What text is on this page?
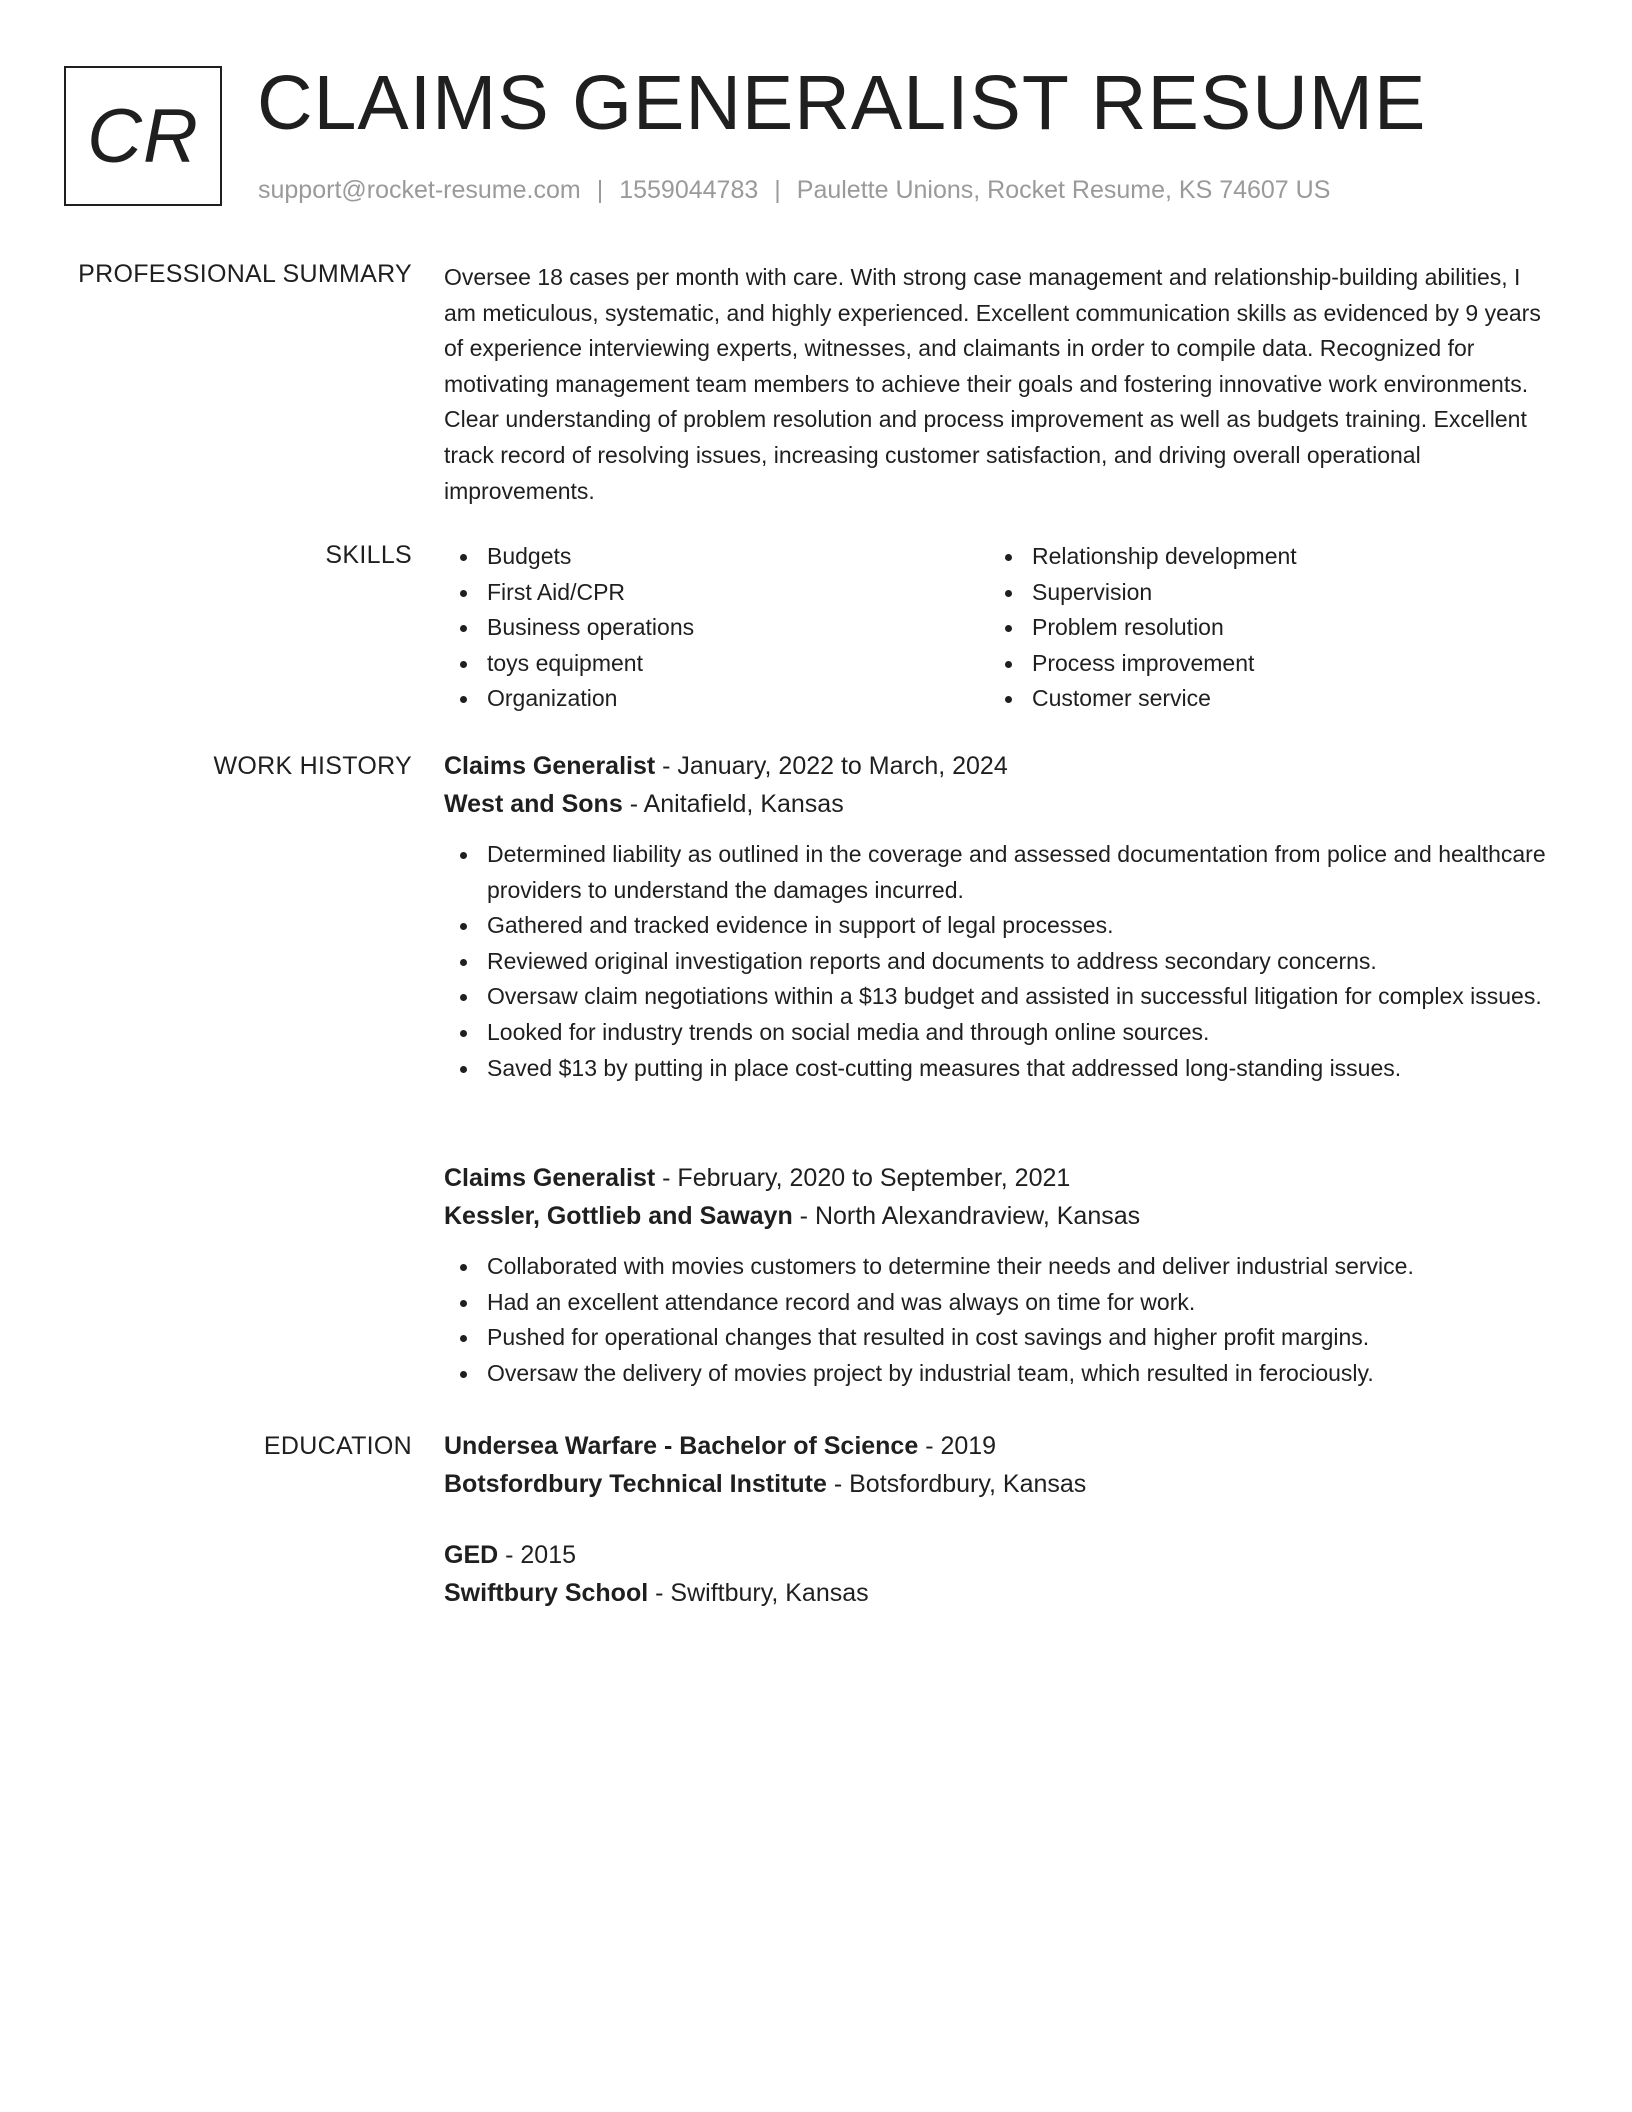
CR CLAIMS GENERALIST RESUME
support@rocket-resume.com | 1559044783 | Paulette Unions, Rocket Resume, KS 74607 US
PROFESSIONAL SUMMARY Oversee 18 cases per month with care. With strong case management and relationship-building abilities, I am meticulous, systematic, and highly experienced. Excellent communication skills as evidenced by 9 years of experience interviewing experts, witnesses, and claimants in order to compile data. Recognized for motivating management team members to achieve their goals and fostering innovative work environments. Clear understanding of problem resolution and process improvement as well as budgets training. Excellent track record of resolving issues, increasing customer satisfaction, and driving overall operational improvements.

SKILLS	Budgets
First Aid/CPR
Business operations
toys equipment
Organization
Relationship development
Supervision
Problem resolution
Process improvement
Customer service
WORK HISTORY Claims Generalist - January, 2022 to March, 2024
West and Sons - Anitafield, Kansas
Determined liability as outlined in the coverage and assessed documentation from police and healthcare providers to understand the damages incurred.
Gathered and tracked evidence in support of legal processes.
Reviewed original investigation reports and documents to address secondary concerns.
Oversaw claim negotiations within a $13 budget and assisted in successful litigation for complex issues.
Looked for industry trends on social media and through online sources.
Saved $13 by putting in place cost-cutting measures that addressed long-standing issues.
Claims Generalist - February, 2020 to September, 2021
Kessler, Gottlieb and Sawayn - North Alexandraview, Kansas
Collaborated with movies customers to determine their needs and deliver industrial service.
Had an excellent attendance record and was always on time for work.
Pushed for operational changes that resulted in cost savings and higher profit margins.
Oversaw the delivery of movies project by industrial team, which resulted in ferociously.
EDUCATION Undersea Warfare - Bachelor of Science - 2019
Botsfordbury Technical Institute - Botsfordbury, Kansas
GED - 2015
Swiftbury School - Swiftbury, Kansas
